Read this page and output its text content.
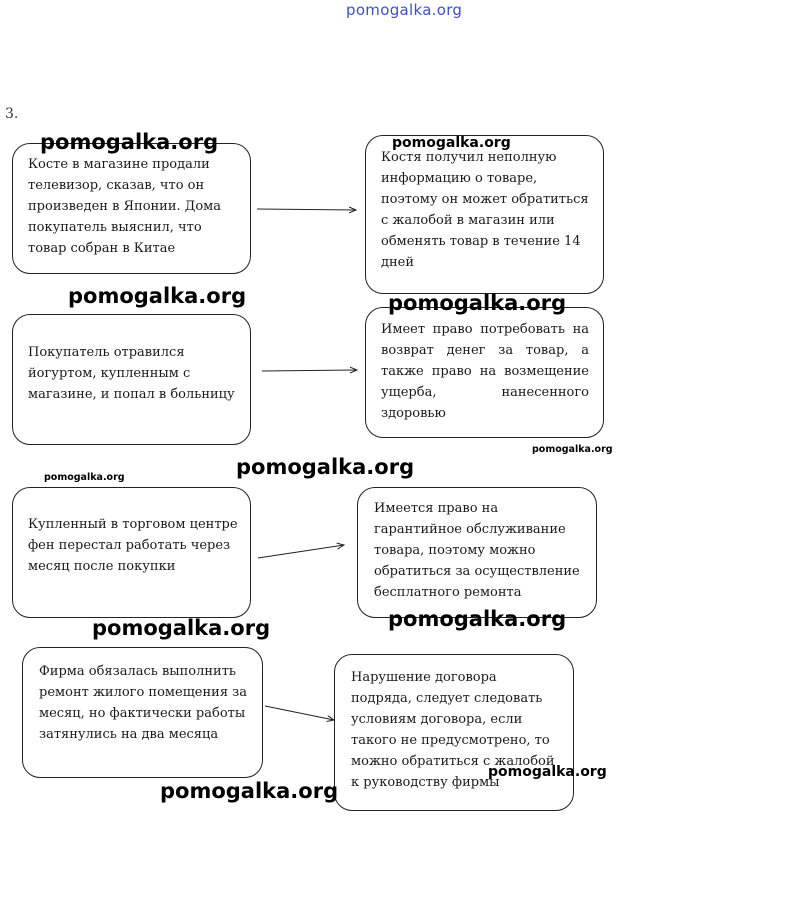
pomogalka.org
3.
Косте в магазине продали телевизор, сказав, что он произведен в Японии. Дома покупатель выяснил, что товар собран в Китае
Костя получил неполную информацию о товаре, поэтому он может обратиться с жалобой в магазин или обменять товар в течение 14 дней
Покупатель отравился йогуртом, купленным с магазине, и попал в больницу
Имеет право потребовать на возврат денег за товар, а также право на возмещение ущерба, нанесенного здоровью
Купленный в торговом центре фен перестал работать через месяц после покупки
Имеется право на гарантийное обслуживание товара, поэтому можно обратиться за осуществление бесплатного ремонта
Фирма обязалась выполнить ремонт жилого помещения за месяц, но фактически работы затянулись на два месяца
Нарушение договора подряда, следует следовать условиям договора, если такого не предусмотрено, то можно обратиться с жалобой к руководству фирмы
pomogalka.org	pomogalka.org
pomogalka.org	pomogalka.org
pomogalka.org
pomogalka.org
pomogalka.org
pomogalka.org
pomogalka.org
pomogalka.org
pomogalka.org
